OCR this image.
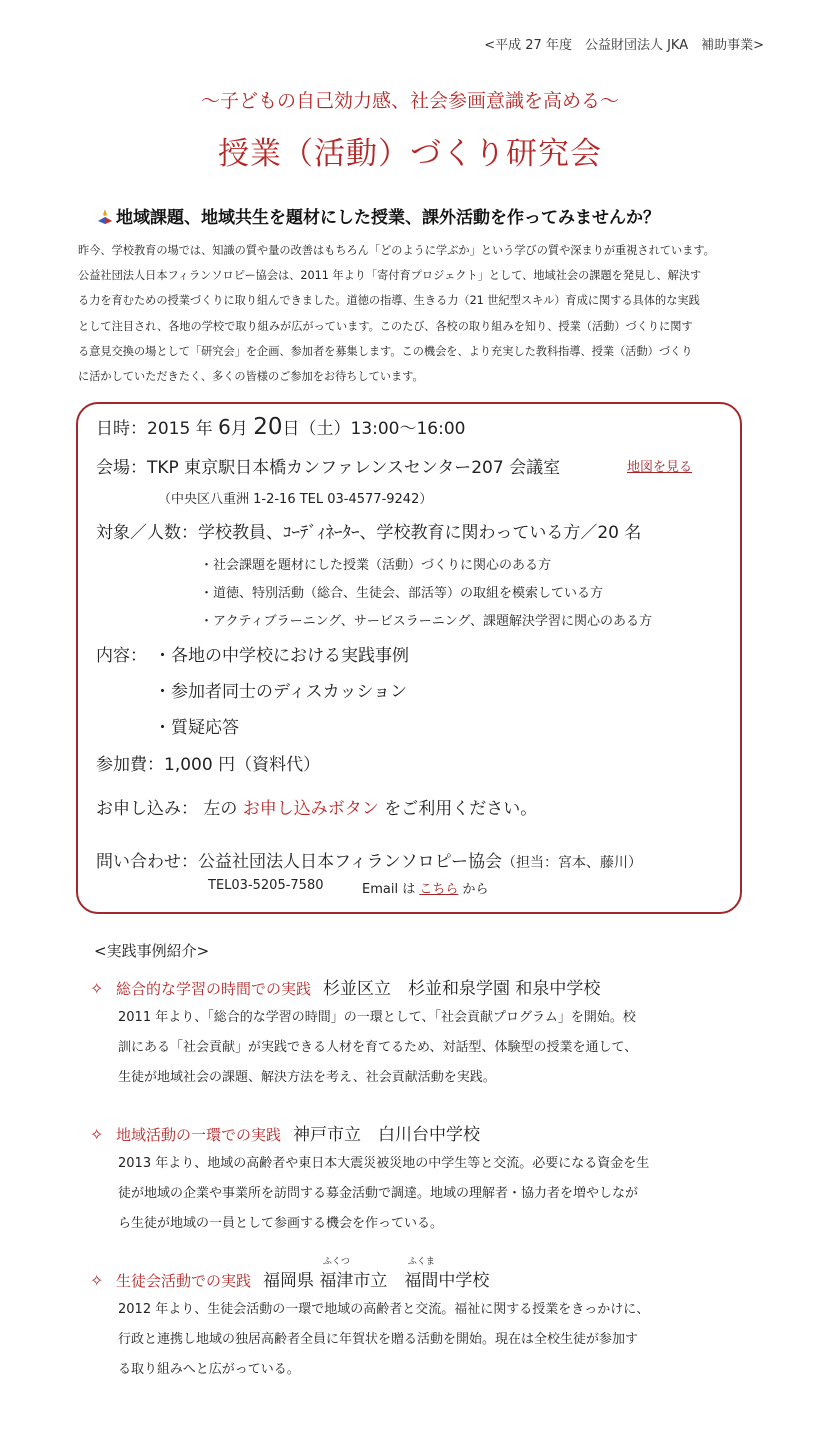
<平成 27 年度　公益財団法人 JKA　補助事業>
～子どもの自己効力感、社会参画意識を高める～
授業（活動）づくり研究会
地域課題、地域共生を題材にした授業、課外活動を作ってみませんか？

昨今、学校教育の場では、知識の質や量の改善はもちろん「どのように学ぶか」という学びの質や深まりが重視されています。

公益社団法人日本フィランソロピー協会は、2011 年より「寄付育プロジェクト」として、地域社会の課題を発見し、解決す

る力を育むための授業づくりに取り組んできました。道徳の指導、生きる力（21 世紀型スキル）育成に関する具体的な実践

として注目され、各地の学校で取り組みが広がっています。このたび、各校の取り組みを知り、授業（活動）づくりに関す

る意見交換の場として「研究会」を企画、参加者を募集します。この機会を、より充実した教科指導、授業（活動）づくり

に活かしていただきたく、多くの皆様のご参加をお待ちしています。

日時：2015 年 6月 20日（土）13:00～16:00
会場：TKP 東京駅日本橋カンファレンスセンター207 会議室	地図を見る
（中央区八重洲 1-2-16 TEL 03-4577-9242）
対象／人数：学校教員、ｺｰﾃﾞｨﾈｰﾀｰ、学校教育に関わっている方／20 名
・社会課題を題材にした授業（活動）づくりに関心のある方
・道徳、特別活動（総合、生徒会、部活等）の取組を模索している方
・アクティブラーニング、サービスラーニング、課題解決学習に関心のある方
内容： ・各地の中学校における実践事例
・参加者同士のディスカッション
・質疑応答
参加費：1,000 円（資料代）
お申し込み： 左の お申し込みボタン をご利用ください。
問い合わせ：公益社団法人日本フィランソロピー協会（担当：宮本、藤川）
TEL03-5205-7580	Email は こちら から
<実践事例紹介>
✧ 総合的な学習の時間での実践 杉並区立　杉並和泉学園 和泉中学校

2011 年より、「総合的な学習の時間」の一環として、「社会貢献プログラム」を開始。校

訓にある「社会貢献」が実践できる人材を育てるため、対話型、体験型の授業を通して、

生徒が地域社会の課題、解決方法を考え、社会貢献活動を実践。

✧ 地域活動の一環での実践 神戸市立　白川台中学校

2013 年より、地域の高齢者や東日本大震災被災地の中学生等と交流。必要になる資金を生

徒が地域の企業や事業所を訪問する募金活動で調達。地域の理解者・協力者を増やしなが

ら生徒が地域の一員として参画する機会を作っている。

✧ 生徒会活動での実践 福岡県
ふくつ
福津市立　
ふくま
福間中学校

2012 年より、生徒会活動の一環で地域の高齢者と交流。福祉に関する授業をきっかけに、

行政と連携し地域の独居高齢者全員に年賀状を贈る活動を開始。現在は全校生徒が参加す

る取り組みへと広がっている。
